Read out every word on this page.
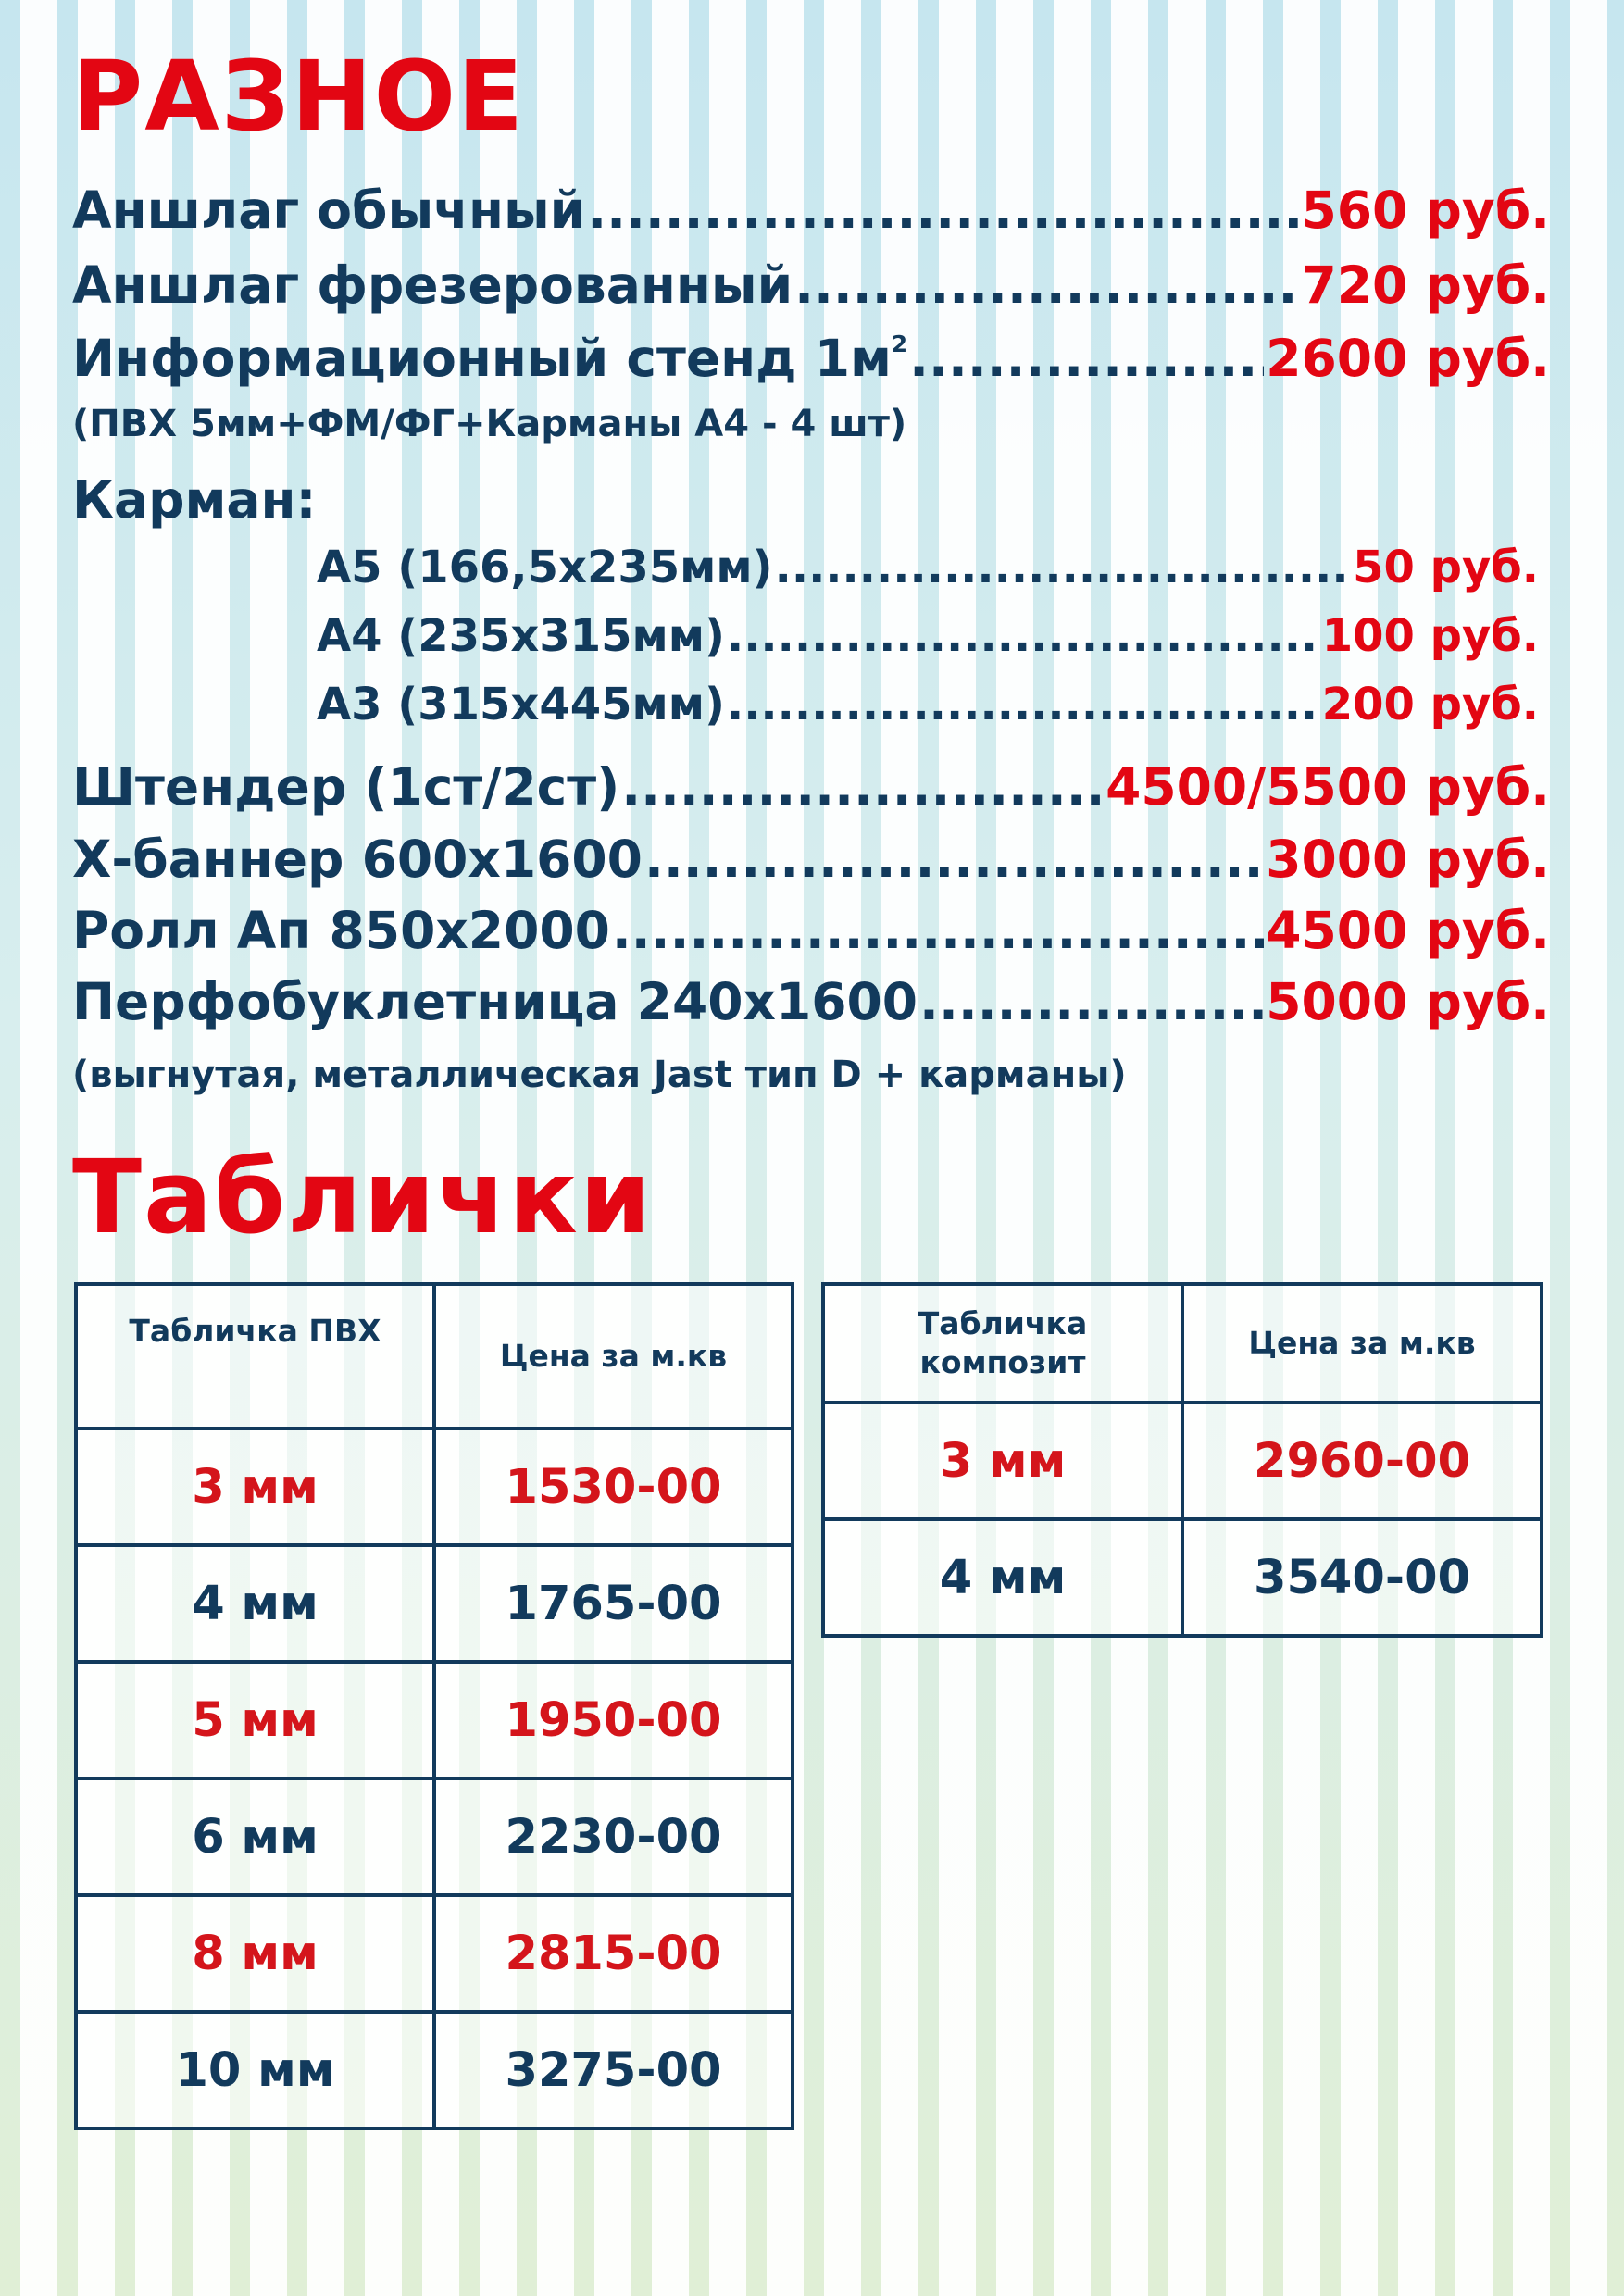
РАЗНОЕ
Аншлаг обычный .....	560 руб.
Аншлаг фрезерованный .....	720 руб.
Информационный стенд $1м^2$ .....	2600 руб.
(ПВХ 5мм+ФМ/ФГ+Карманы А4 - 4 шт)
Карман:
А5 (166,5х235мм) .....	50 руб.
А4 (235х315мм) .....	100 руб.
А3 (315х445мм) .....	200 руб.
Штендер (1ст/2ст) .....	4500/5500 руб.
Х-баннер 600х1600 .....	3000 руб.
Ролл Ап 850х2000 .....	4500 руб.
Перфобуклетница 240х1600 .....	5000 руб.
(выгнутая, металлическая Jast тип D + карманы)
Таблички
Табличка ПВХ	Цена за м.кв
3 мм	1530-00
4 мм	1765-00
5 мм	1950-00
6 мм	2230-00
8 мм	2815-00
10 мм	3275-00
Табличка
композит	Цена за м.кв
3 мм	2960-00
4 мм	3540-00
